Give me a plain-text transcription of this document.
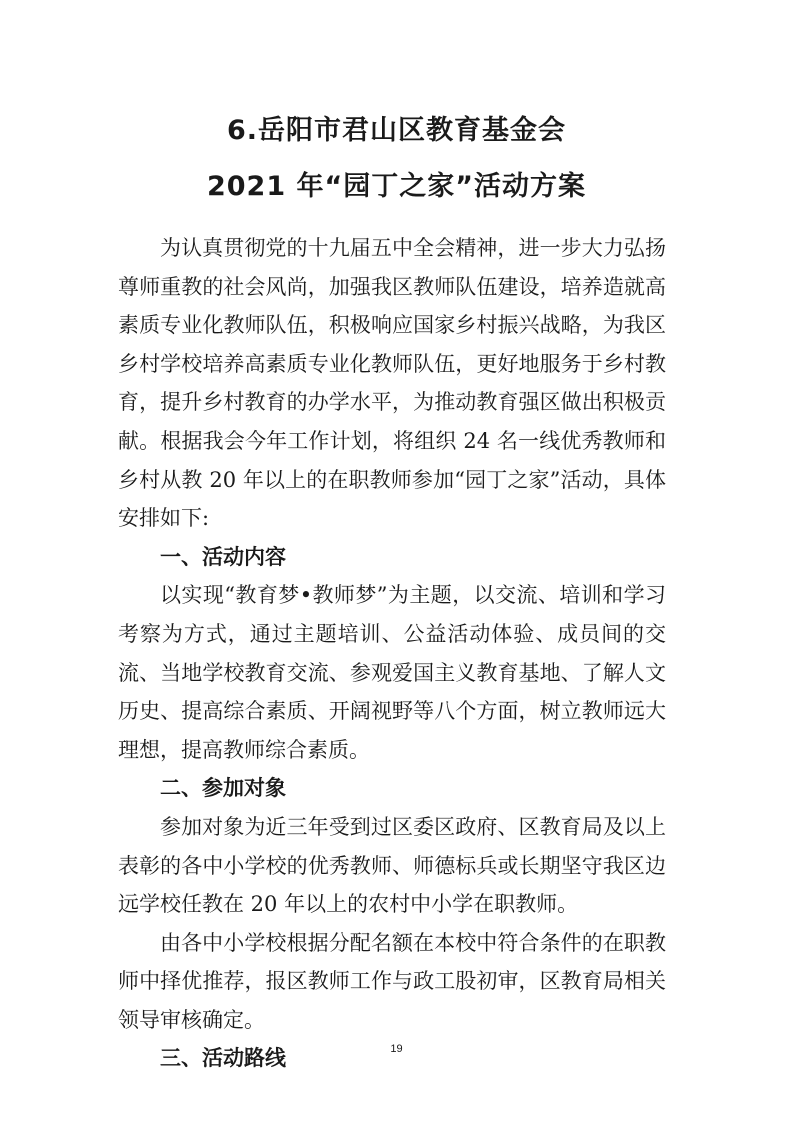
6.岳阳市君山区教育基金会
2021 年“园丁之家”活动方案

为认真贯彻党的十九届五中全会精神，进一步大力弘扬尊师重教的社会风尚，加强我区教师队伍建设，培养造就高素质专业化教师队伍，积极响应国家乡村振兴战略，为我区乡村学校培养高素质专业化教师队伍，更好地服务于乡村教育，提升乡村教育的办学水平，为推动教育强区做出积极贡献。根据我会今年工作计划，将组织 24 名一线优秀教师和乡村从教 20 年以上的在职教师参加“园丁之家”活动，具体安排如下:

一、活动内容

以实现“教育梦•教师梦”为主题，以交流、培训和学习考察为方式，通过主题培训、公益活动体验、成员间的交流、当地学校教育交流、参观爱国主义教育基地、了解人文历史、提高综合素质、开阔视野等八个方面，树立教师远大理想，提高教师综合素质。

二、参加对象

参加对象为近三年受到过区委区政府、区教育局及以上表彰的各中小学校的优秀教师、师德标兵或长期坚守我区边远学校任教在 20 年以上的农村中小学在职教师。

由各中小学校根据分配名额在本校中符合条件的在职教师中择优推荐，报区教师工作与政工股初审，区教育局相关领导审核确定。

三、活动路线	19
